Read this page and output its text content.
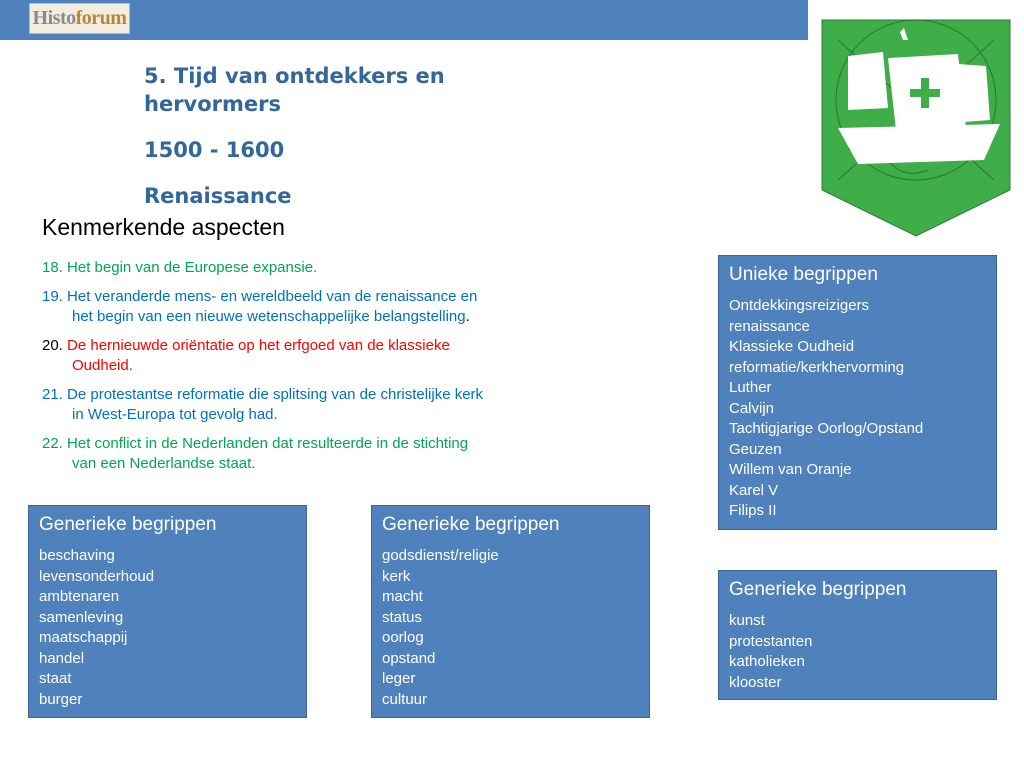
Histo forum
5. Tijd van ontdekkers en hervormers
1500 - 1600
Renaissance
Kenmerkende aspecten
18. Het begin van de Europese expansie.
19. Het veranderde mens- en wereldbeeld van de renaissance en
het begin van een nieuwe wetenschappelijke belangstelling.
20. De hernieuwde oriëntatie op het erfgoed van de klassieke
Oudheid.
21. De protestantse reformatie die splitsing van de christelijke kerk
in West-Europa tot gevolg had.
22. Het conflict in de Nederlanden dat resulteerde in de stichting
van een Nederlandse staat.
Generieke begrippen
beschaving
levensonderhoud
ambtenaren
samenleving
maatschappij
handel
staat
burger
Generieke begrippen
godsdienst/religie
kerk
macht
status
oorlog
opstand
leger
cultuur
Unieke begrippen
Ontdekkingsreizigers
renaissance
Klassieke Oudheid
reformatie/kerkhervorming
Luther
Calvijn
Tachtigjarige Oorlog/Opstand
Geuzen
Willem van Oranje
Karel V
Filips II
Generieke begrippen
kunst
protestanten
katholieken
klooster
